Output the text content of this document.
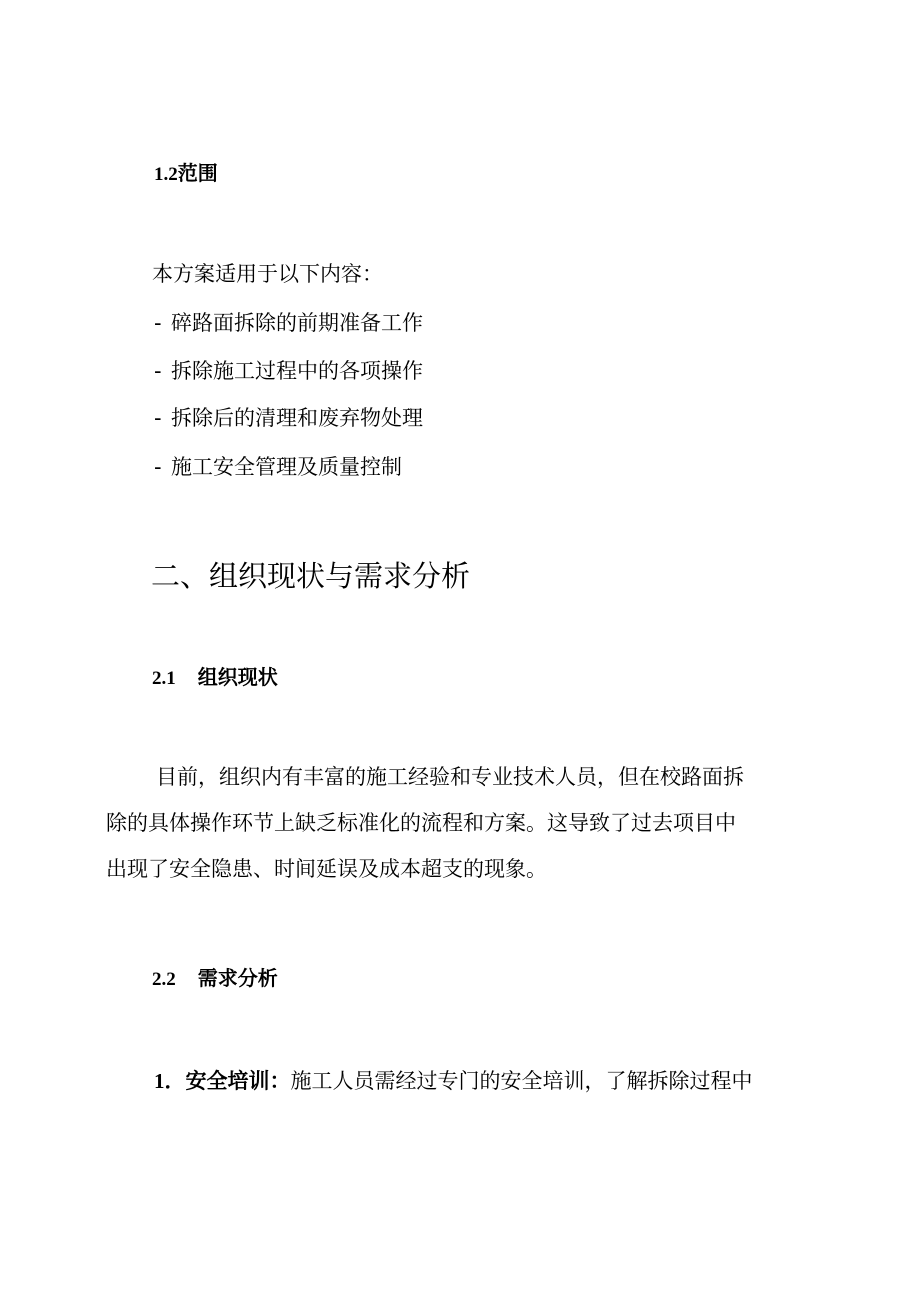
1.2范围

本方案适用于以下内容：

- 碎路面拆除的前期准备工作
- 拆除施工过程中的各项操作
- 拆除后的清理和废弃物处理
- 施工安全管理及质量控制
二、组织现状与需求分析
2.1 组织现状
目前，组织内有丰富的施工经验和专业技术人员，但在校路面拆
除的具体操作环节上缺乏标准化的流程和方案。这导致了过去项目中
出现了安全隐患、时间延误及成本超支的现象。
2.2 需求分析
1．安全培训：施工人员需经过专门的安全培训，了解拆除过程中
